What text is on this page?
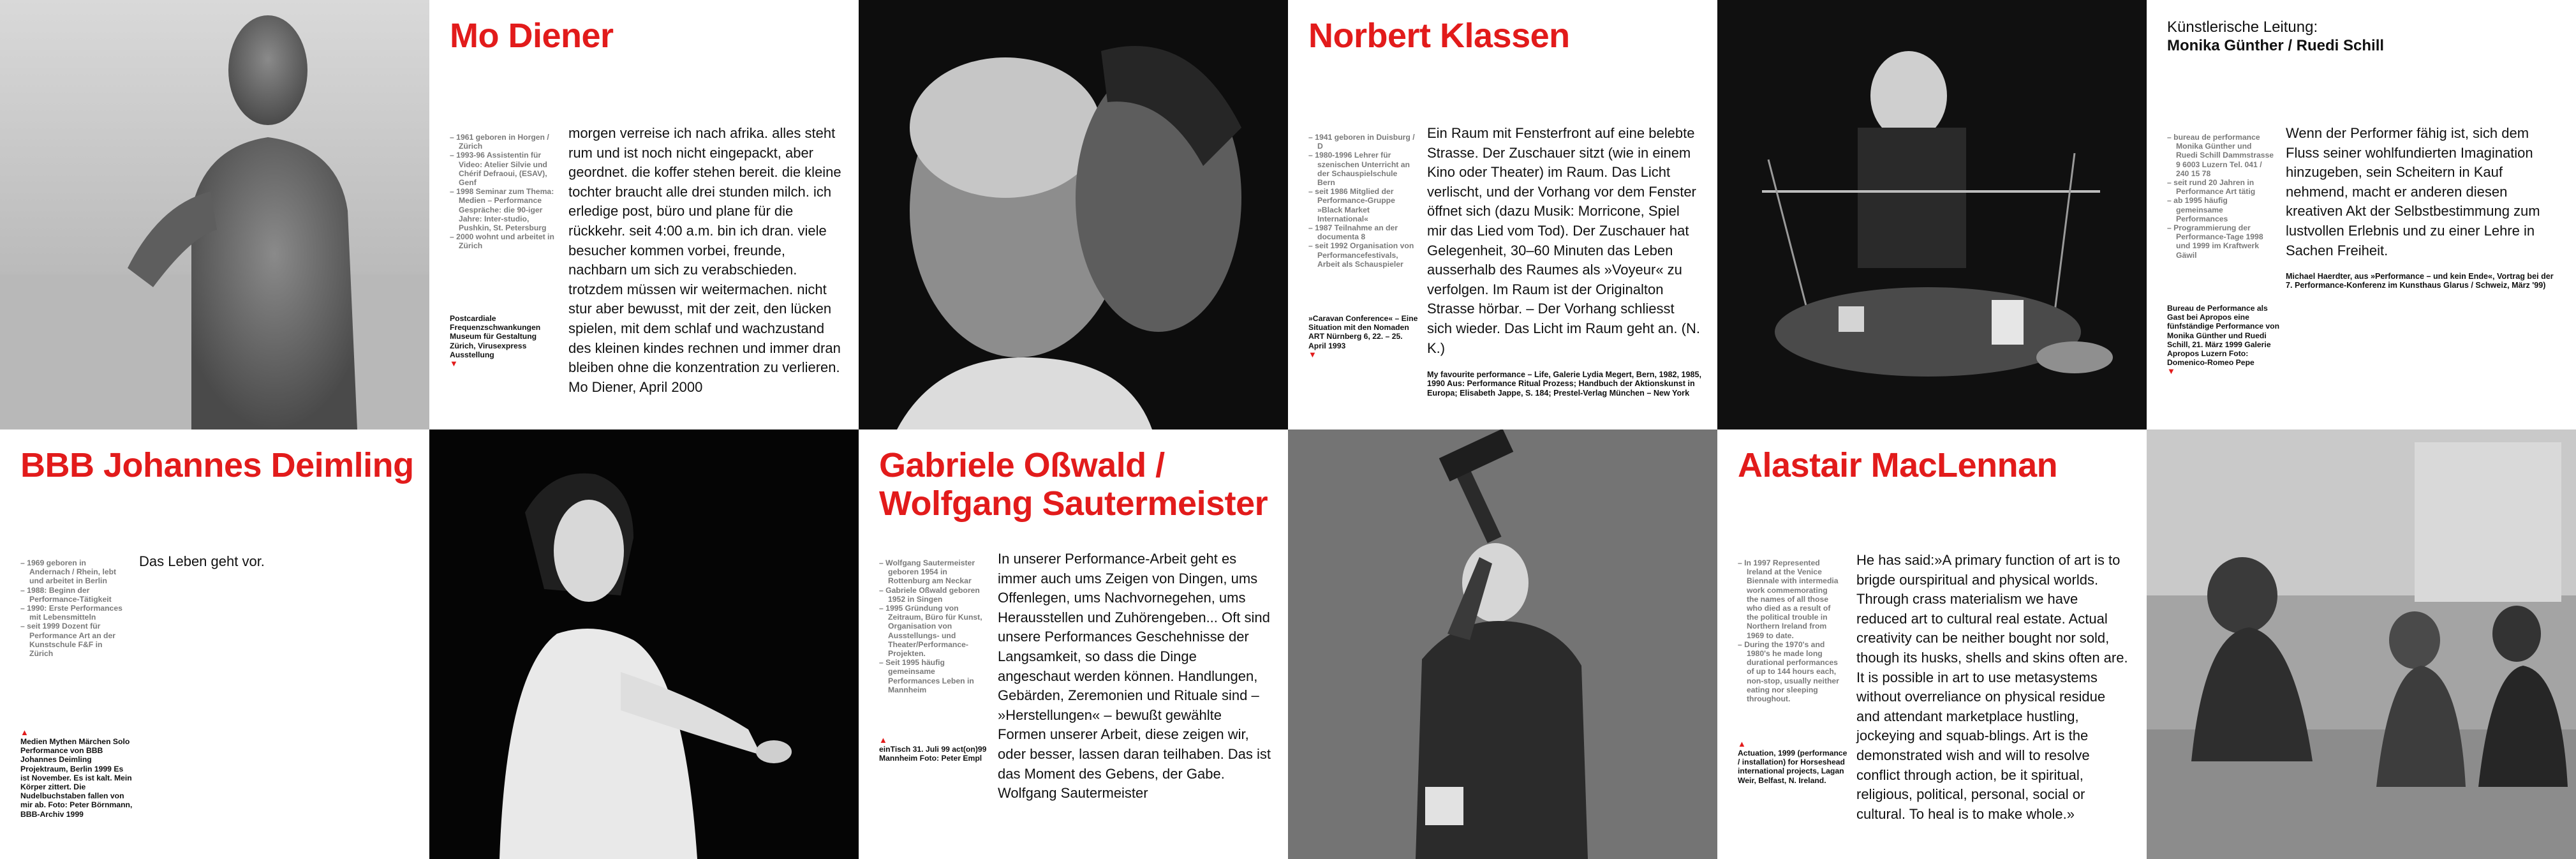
Mo Diener
– 1961 geboren in Horgen / Zürich
– 1993-96 Assistentin für Video: Atelier Silvie und Chérif Defraoui, (ESAV), Genf
– 1998 Seminar zum Thema: Medien – Performance Gespräche: die 90-iger Jahre: Inter-studio, Pushkin, St. Petersburg
– 2000 wohnt und arbeitet in Zürich
Postcardiale Frequenzschwankungen Museum für Gestaltung Zürich, Virusexpress Ausstellung
▼
morgen verreise ich nach afrika. alles steht rum und ist noch nicht eingepackt, aber geordnet. die koffer stehen bereit. die kleine tochter braucht alle drei stunden milch. ich erledige post, büro und plane für die rückkehr. seit 4:00 a.m. bin ich dran. viele besucher kommen vorbei, freunde, nachbarn um sich zu verabschieden. trotzdem müssen wir weitermachen. nicht stur aber bewusst, mit der zeit, den lücken spielen, mit dem schlaf und wachzustand des kleinen kindes rechnen und immer dran bleiben ohne die konzentration zu verlieren.
Mo Diener, April 2000
Norbert Klassen
– 1941 geboren in Duisburg / D
– 1980-1996 Lehrer für szenischen Unterricht an der Schauspielschule Bern
– seit 1986 Mitglied der Performance-Gruppe »Black Market International«
– 1987 Teilnahme an der documenta 8
– seit 1992 Organisation von Performancefestivals, Arbeit als Schauspieler
»Caravan Conference« – Eine Situation mit den Nomaden ART Nürnberg 6, 22. – 25. April 1993
▼
Ein Raum mit Fensterfront auf eine belebte Strasse. Der Zuschauer sitzt (wie in einem Kino oder Theater) im Raum. Das Licht verlischt, und der Vorhang vor dem Fenster öffnet sich (dazu Musik: Morricone, Spiel mir das Lied vom Tod). Der Zuschauer hat Gelegenheit, 30–60 Minuten das Leben ausserhalb des Raumes als »Voyeur« zu verfolgen. Im Raum ist der Originalton Strasse hörbar. – Der Vorhang schliesst sich wieder. Das Licht im Raum geht an. (N. K.)
My favourite performance – Life, Galerie Lydia Megert, Bern, 1982, 1985, 1990 Aus: Performance Ritual Prozess; Handbuch der Aktionskunst in Europa; Elisabeth Jappe, S. 184; Prestel-Verlag München – New York
Künstlerische Leitung:
Monika Günther / Ruedi Schill
– bureau de performance Monika Günther und Ruedi Schill Dammstrasse 9 6003 Luzern Tel. 041 / 240 15 78
– seit rund 20 Jahren in Performance Art tätig
– ab 1995 häufig gemeinsame Performances
– Programmierung der Performance-Tage 1998 und 1999 im Kraftwerk Gäwil
Bureau de Performance als Gast bei Apropos eine fünfständige Performance von Monika Günther und Ruedi Schill, 21. März 1999 Galerie Apropos Luzern Foto: Domenico-Romeo Pepe
▼
Wenn der Performer fähig ist, sich dem Fluss seiner wohlfundierten Imagination hinzugeben, sein Scheitern in Kauf nehmend, macht er anderen diesen kreativen Akt der Selbstbestimmung zum lustvollen Erlebnis und zu einer Lehre in Sachen Freiheit.
Michael Haerdter, aus »Performance – und kein Ende«, Vortrag bei der 7. Performance-Konferenz im Kunsthaus Glarus / Schweiz, März '99)
BBB Johannes Deimling
– 1969 geboren in Andernach / Rhein, lebt und arbeitet in Berlin
– 1988: Beginn der Performance-Tätigkeit
– 1990: Erste Performances mit Lebensmitteln
– seit 1999 Dozent für Performance Art an der Kunstschule F&F in Zürich
▲
Medien Mythen Märchen Solo Performance von BBB Johannes Deimling Projektraum, Berlin 1999 Es ist November. Es ist kalt. Mein Körper zittert. Die Nudelbuchstaben fallen von mir ab. Foto: Peter Börnmann, BBB-Archiv 1999
Das Leben geht vor.
Gabriele Oßwald /
Wolfgang Sautermeister
– Wolfgang Sautermeister geboren 1954 in Rottenburg am Neckar
– Gabriele Oßwald geboren 1952 in Singen
– 1995 Gründung von Zeitraum, Büro für Kunst, Organisation von Ausstellungs- und Theater/Performance-Projekten.
– Seit 1995 häufig gemeinsame Performances Leben in Mannheim
▲
einTisch 31. Juli 99 act(on)99 Mannheim Foto: Peter Empl
In unserer Performance-Arbeit geht es immer auch ums Zeigen von Dingen, ums Offenlegen, ums Nachvornegehen, ums Herausstellen und Zuhörengeben... Oft sind unsere Performances Geschehnisse der Langsamkeit, so dass die Dinge angeschaut werden können. Handlungen, Gebärden, Zeremonien und Rituale sind – »Herstellungen« – bewußt gewählte Formen unserer Arbeit, diese zeigen wir, oder besser, lassen daran teilhaben. Das ist das Moment des Gebens, der Gabe.
Wolfgang Sautermeister
Alastair MacLennan
– In 1997 Represented Ireland at the Venice Biennale with intermedia work commemorating the names of all those who died as a result of the political trouble in Northern Ireland from 1969 to date.
– During the 1970's and 1980's he made long durational performances of up to 144 hours each, non-stop, usually neither eating nor sleeping throughout.
▲
Actuation, 1999 (performance / installation) for Horseshead international projects, Lagan Weir, Belfast, N. Ireland.
He has said:»A primary function of art is to brigde ourspiritual and physical worlds. Through crass materialism we have reduced art to cultural real estate. Actual creativity can be neither bought nor sold, though its husks, shells and skins often are. It is possible in art to use metasystems without overreliance on physical residue and attendant marketplace hustling, jockeying and squab-blings. Art is the demonstrated wish and will to resolve conflict through action, be it spiritual, religious, political, personal, social or cultural. To heal is to make whole.»
